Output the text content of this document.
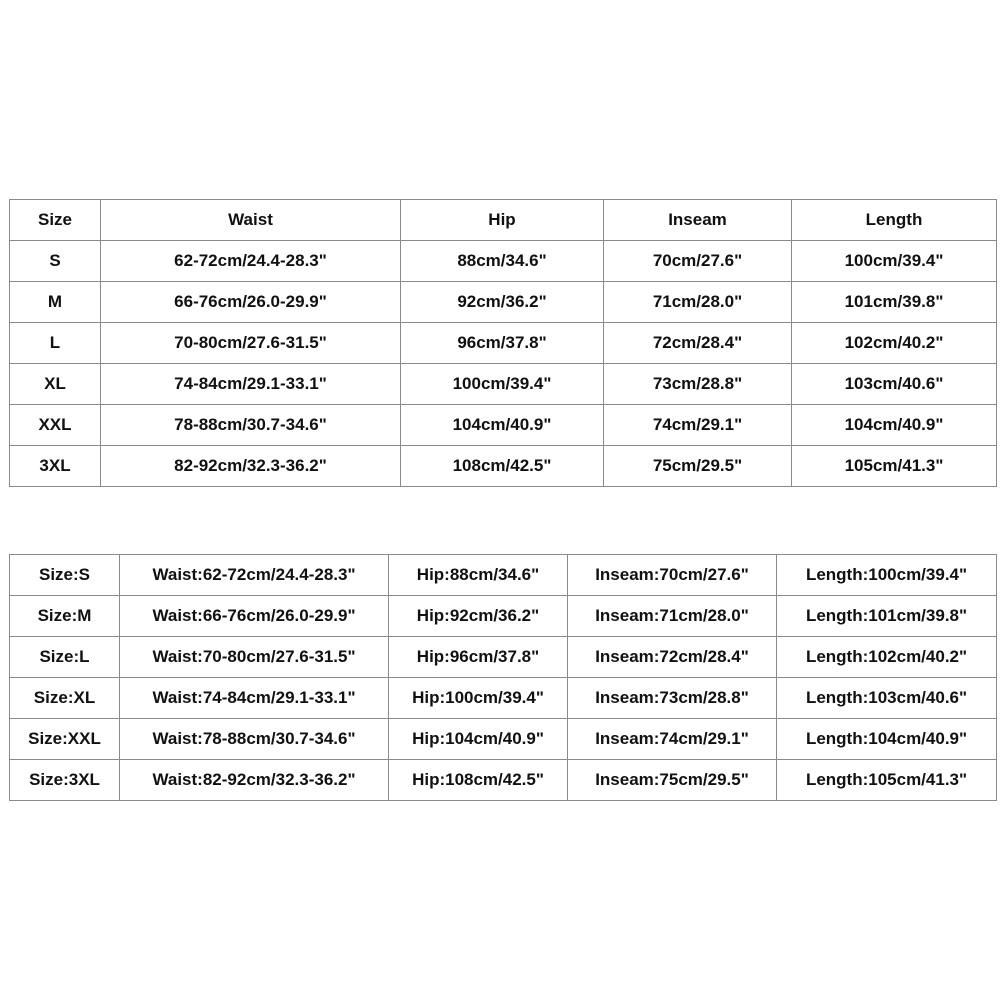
Size	Waist	Hip	Inseam	Length
S	62-72cm/24.4-28.3"	88cm/34.6"	70cm/27.6"	100cm/39.4"
M	66-76cm/26.0-29.9"	92cm/36.2"	71cm/28.0"	101cm/39.8"
L	70-80cm/27.6-31.5"	96cm/37.8"	72cm/28.4"	102cm/40.2"
XL	74-84cm/29.1-33.1"	100cm/39.4"	73cm/28.8"	103cm/40.6"
XXL	78-88cm/30.7-34.6"	104cm/40.9"	74cm/29.1"	104cm/40.9"
3XL	82-92cm/32.3-36.2"	108cm/42.5"	75cm/29.5"	105cm/41.3"
Size:S	Waist:62-72cm/24.4-28.3"	Hip:88cm/34.6"	Inseam:70cm/27.6"	Length:100cm/39.4"
Size:M	Waist:66-76cm/26.0-29.9"	Hip:92cm/36.2"	Inseam:71cm/28.0"	Length:101cm/39.8"
Size:L	Waist:70-80cm/27.6-31.5"	Hip:96cm/37.8"	Inseam:72cm/28.4"	Length:102cm/40.2"
Size:XL	Waist:74-84cm/29.1-33.1"	Hip:100cm/39.4"	Inseam:73cm/28.8"	Length:103cm/40.6"
Size:XXL	Waist:78-88cm/30.7-34.6"	Hip:104cm/40.9"	Inseam:74cm/29.1"	Length:104cm/40.9"
Size:3XL	Waist:82-92cm/32.3-36.2"	Hip:108cm/42.5"	Inseam:75cm/29.5"	Length:105cm/41.3"
